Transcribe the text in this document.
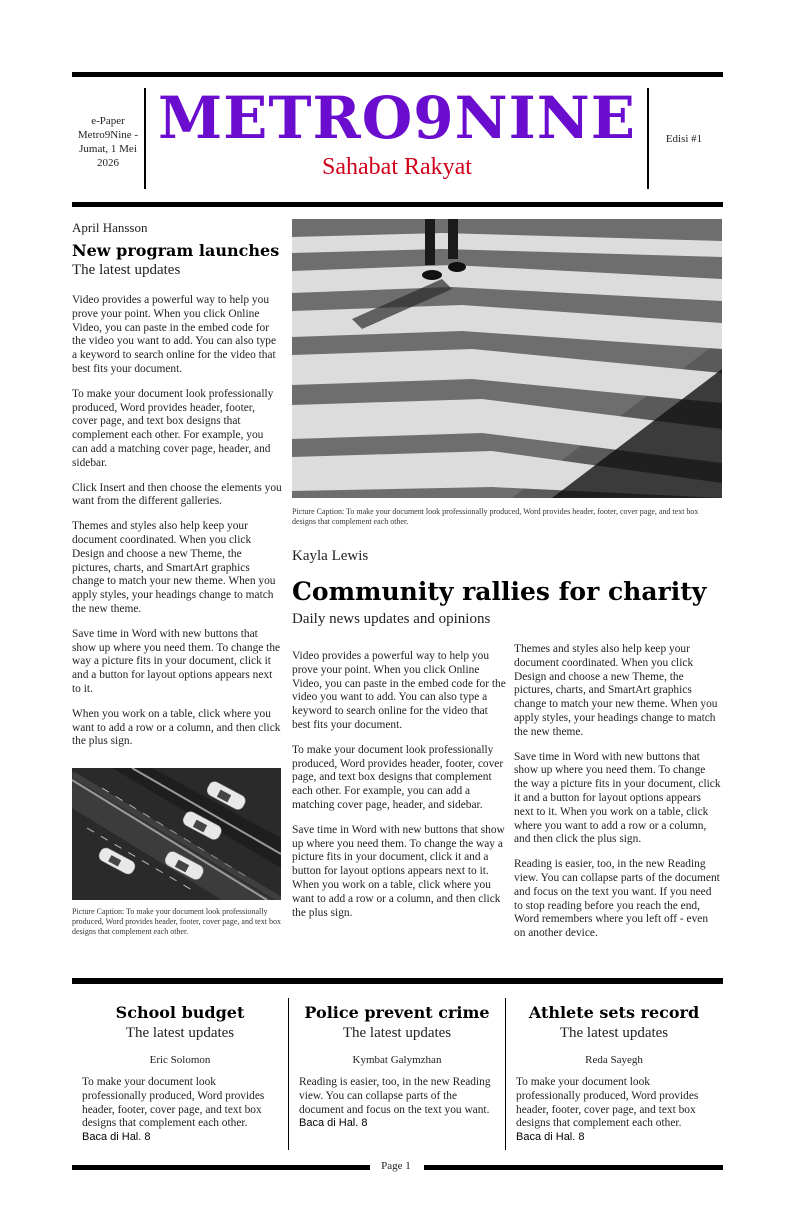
e-Paper
Metro9Nine -
Jumat, 1 Mei
2026
METRO9NINE
Sahabat Rakyat
Edisi #1
April Hansson
New program launches
The latest updates

Video provides a powerful way to help you prove your point. When you click Online Video, you can paste in the embed code for the video you want to add. You can also type a keyword to search online for the video that best fits your document.

To make your document look professionally produced, Word provides header, footer, cover page, and text box designs that complement each other. For example, you can add a matching cover page, header, and sidebar.

Click Insert and then choose the elements you want from the different galleries.

Themes and styles also help keep your document coordinated. When you click Design and choose a new Theme, the pictures, charts, and SmartArt graphics change to match your new theme. When you apply styles, your headings change to match the new theme.

Save time in Word with new buttons that show up where you need them. To change the way a picture fits in your document, click it and a button for layout options appears next to it.

When you work on a table, click where you want to add a row or a column, and then click the plus sign.

Picture Caption: To make your document look professionally produced, Word provides header, footer, cover page, and text box designs that complement each other.
Picture Caption: To make your document look professionally produced, Word provides header, footer, cover page, and text box designs that complement each other.
Kayla Lewis
Community rallies for charity
Daily news updates and opinions

Video provides a powerful way to help you prove your point. When you click Online Video, you can paste in the embed code for the video you want to add. You can also type a keyword to search online for the video that best fits your document.

To make your document look professionally produced, Word provides header, footer, cover page, and text box designs that complement each other. For example, you can add a matching cover page, header, and sidebar.

Save time in Word with new buttons that show up where you need them. To change the way a picture fits in your document, click it and a button for layout options appears next to it. When you work on a table, click where you want to add a row or a column, and then click the plus sign.

Themes and styles also help keep your document coordinated. When you click Design and choose a new Theme, the pictures, charts, and SmartArt graphics change to match your new theme. When you apply styles, your headings change to match the new theme.

Save time in Word with new buttons that show up where you need them. To change the way a picture fits in your document, click it and a button for layout options appears next to it. When you work on a table, click where you want to add a row or a column, and then click the plus sign.

Reading is easier, too, in the new Reading view. You can collapse parts of the document and focus on the text you want. If you need to stop reading before you reach the end, Word remembers where you left off - even on another device.

School budget
The latest updates
Eric Solomon
To make your document look professionally produced, Word provides header, footer, cover page, and text box designs that complement each other.
Baca di Hal. 8
Police prevent crime
The latest updates
Kymbat Galymzhan
Reading is easier, too, in the new Reading view. You can collapse parts of the document and focus on the text you want.
Baca di Hal. 8
Athlete sets record
The latest updates
Reda Sayegh
To make your document look professionally produced, Word provides header, footer, cover page, and text box designs that complement each other.
Baca di Hal. 8
Page 1
